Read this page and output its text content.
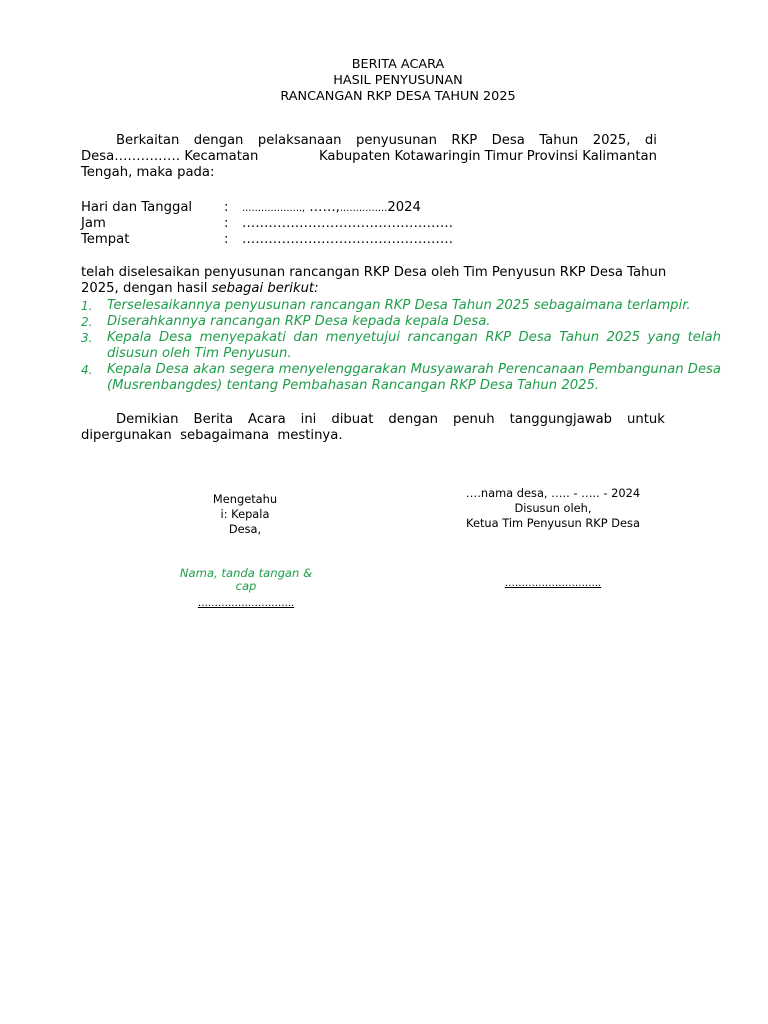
BERITA ACARA
HASIL PENYUSUNAN
RANCANGAN RKP DESA TAHUN 2025
Berkaitan dengan pelaksanaan penyusunan RKP Desa Tahun 2025, di
Desa…………… Kecamatan	Kabupaten Kotawaringin Timur Provinsi Kalimantan
Tengah, maka pada:
Hari dan Tanggal	:	………………., ……,……………2024
Jam	:	…………………………………………
Tempat	:	…………………………………………
telah diselesaikan penyusunan rancangan RKP Desa oleh Tim Penyusun RKP Desa Tahun
2025, dengan hasil sebagai berikut:
1.	Terselesaikannya penyusunan rancangan RKP Desa Tahun 2025 sebagaimana terlampir.
2.	Diserahkannya rancangan RKP Desa kepada kepala Desa.
3.	Kepala Desa menyepakati dan menyetujui rancangan RKP Desa Tahun 2025 yang telah disusun oleh Tim Penyusun.
4.	Kepala Desa akan segera menyelenggarakan Musyawarah Perencanaan Pembangunan Desa (Musrenbangdes) tentang Pembahasan Rancangan RKP Desa Tahun 2025.
Demikian Berita Acara ini dibuat dengan penuh tanggungjawab untuk
dipergunakan  sebagaimana  mestinya.
Mengetahu
i: Kepala
Desa,
Nama, tanda tangan &
cap
………………………..
….nama desa, ….. - ….. - 2024
Disusun oleh,
Ketua Tim Penyusun RKP Desa
………………………..
